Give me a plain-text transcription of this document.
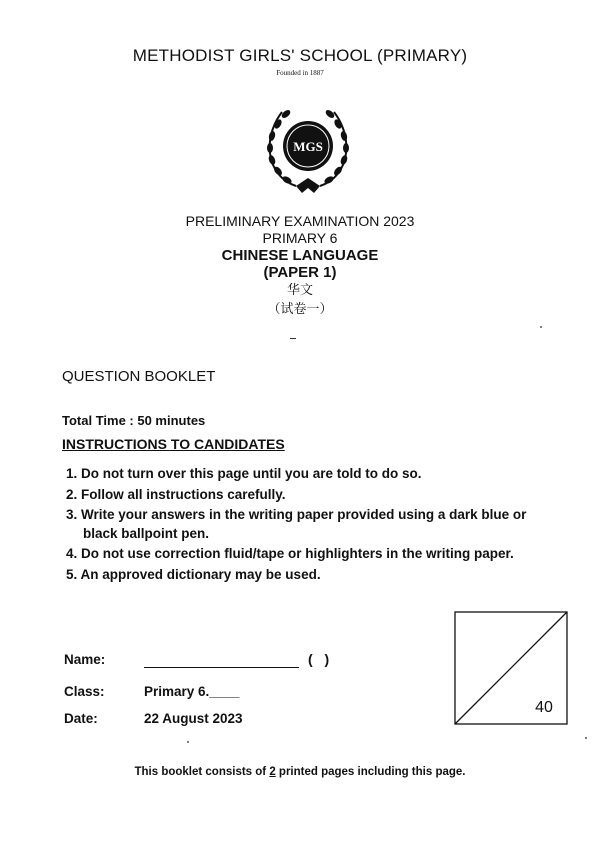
METHODIST GIRLS' SCHOOL (PRIMARY)
Founded in 1887
MGS
PRELIMINARY EXAMINATION 2023
PRIMARY 6
CHINESE LANGUAGE
(PAPER 1)
华文
（试卷一）
QUESTION BOOKLET
Total Time : 50 minutes
INSTRUCTIONS TO CANDIDATES
1. Do not turn over this page until you are told to do so.
2. Follow all instructions carefully.
3. Write your answers in the writing paper provided using a dark blue or black ballpoint pen.
4. Do not use correction fluid/tape or highlighters in the writing paper.
5. An approved dictionary may be used.
Name:	( )
Class:	Primary 6.____
Date:	22 August 2023
40
This booklet consists of 2 printed pages including this page.
